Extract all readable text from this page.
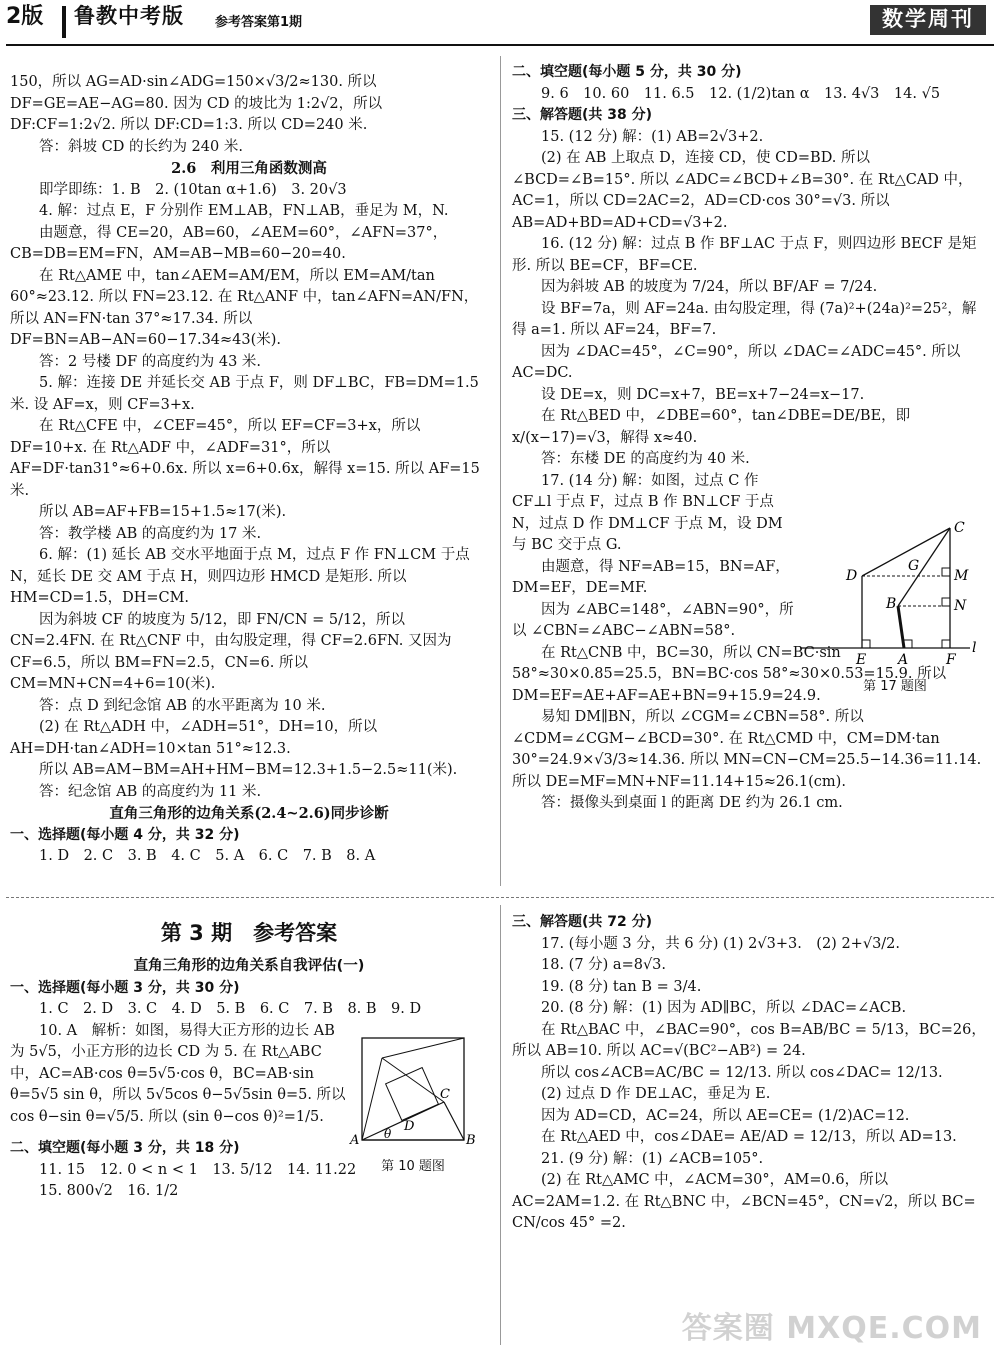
2版 鲁教中考版 参考答案第1期	数学周刊

150，所以 AG=AD·sin∠ADG=150×√3/2≈130. 所以 DF=GE=AE−AG=80. 因为 CD 的坡比为 1:2√2，所以 DF:CF=1:2√2. 所以 DF:CD=1:3. 所以 CD=240 米.

答：斜坡 CD 的长约为 240 米.

2.6　利用三角函数测高

即学即练：1. B　2. (10tan α+1.6)　3. 20√3

4. 解：过点 E，F 分别作 EM⊥AB，FN⊥AB，垂足为 M，N.

由题意，得 CE=20，AB=60，∠AEM=60°，∠AFN=37°，CB=DB=EM=FN，AM=AB−MB=60−20=40.

在 Rt△AME 中，tan∠AEM=AM/EM，所以 EM=AM/tan 60°≈23.12. 所以 FN=23.12. 在 Rt△ANF 中，tan∠AFN=AN/FN，所以 AN=FN·tan 37°≈17.34. 所以 DF=BN=AB−AN=60−17.34≈43(米).

答：2 号楼 DF 的高度约为 43 米.

5. 解：连接 DE 并延长交 AB 于点 F，则 DF⊥BC，FB=DM=1.5 米. 设 AF=x，则 CF=3+x.

在 Rt△CFE 中，∠CEF=45°，所以 EF=CF=3+x，所以 DF=10+x. 在 Rt△ADF 中，∠ADF=31°，所以 AF=DF·tan31°≈6+0.6x. 所以 x=6+0.6x，解得 x=15. 所以 AF=15 米.

所以 AB=AF+FB=15+1.5≈17(米).

答：教学楼 AB 的高度约为 17 米.

6. 解：(1) 延长 AB 交水平地面于点 M，过点 F 作 FN⊥CM 于点 N，延长 DE 交 AM 于点 H，则四边形 HMCD 是矩形. 所以 HM=CD=1.5，DH=CM.

因为斜坡 CF 的坡度为 5/12，即 FN/CN = 5/12，所以 CN=2.4FN. 在 Rt△CNF 中，由勾股定理，得 CF=2.6FN. 又因为 CF=6.5，所以 BM=FN=2.5，CN=6. 所以 CM=MN+CN=4+6=10(米).

答：点 D 到纪念馆 AB 的水平距离为 10 米.

(2) 在 Rt△ADH 中，∠ADH=51°，DH=10，所以 AH=DH·tan∠ADH=10×tan 51°≈12.3.

所以 AB=AM−BM=AH+HM−BM=12.3+1.5−2.5≈11(米).

答：纪念馆 AB 的高度约为 11 米.

直角三角形的边角关系(2.4~2.6)同步诊断

一、选择题(每小题 4 分，共 32 分)

1. D　2. C　3. B　4. C　5. A　6. C　7. B　8. A

二、填空题(每小题 5 分，共 30 分)

9. 6　10. 60　11. 6.5　12. (1/2)tan α　13. 4√3　14. √5

三、解答题(共 38 分)

15. (12 分) 解：(1) AB=2√3+2.

(2) 在 AB 上取点 D，连接 CD，使 CD=BD. 所以 ∠BCD=∠B=15°. 所以 ∠ADC=∠BCD+∠B=30°. 在 Rt△CAD 中，AC=1，所以 CD=2AC=2，AD=CD·cos 30°=√3. 所以 AB=AD+BD=AD+CD=√3+2.

16. (12 分) 解：过点 B 作 BF⊥AC 于点 F，则四边形 BECF 是矩形. 所以 BE=CF，BF=CE.

因为斜坡 AB 的坡度为 7/24，所以 BF/AF = 7/24.

设 BF=7a，则 AF=24a. 由勾股定理，得 (7a)²+(24a)²=25²，解得 a=1. 所以 AF=24，BF=7.

因为 ∠DAC=45°，∠C=90°，所以 ∠DAC=∠ADC=45°. 所以 AC=DC.

设 DE=x，则 DC=x+7，BE=x+7−24=x−17.

在 Rt△BED 中，∠DBE=60°，tan∠DBE=DE/BE，即 x/(x−17)=√3，解得 x≈40.

答：东楼 DE 的高度约为 40 米.

17. (14 分) 解：如图，过点 C 作 CF⊥l 于点 F，过点 B 作 BN⊥CF 于点 N，过点 D 作 DM⊥CF 于点 M，设 DM 与 BC 交于点 G.

由题意，得 NF=AB=15，BN=AF，DM=EF，DE=MF.

因为 ∠ABC=148°，∠ABN=90°，所以 ∠CBN=∠ABC−∠ABN=58°.

在 Rt△CNB 中，BC=30，所以 CN=BC·sin 58°≈30×0.85=25.5，BN=BC·cos 58°≈30×0.53=15.9. 所以 DM=EF=AE+AF=AE+BN=9+15.9=24.9.

易知 DM∥BN，所以 ∠CGM=∠CBN=58°. 所以 ∠CDM=∠CGM−∠BCD=30°. 在 Rt△CMD 中，CM=DM·tan 30°=24.9×√3/3≈14.36. 所以 MN=CN−CM=25.5−14.36=11.14. 所以 DE=MF=MN+NF=11.14+15≈26.1(cm).

答：摄像头到桌面 l 的距离 DE 约为 26.1 cm.

C
G
M
D
B	N
E A	F
l
第 17 题图
第 3 期　参考答案

直角三角形的边角关系自我评估(一)

一、选择题(每小题 3 分，共 30 分)

1. C　2. D　3. C　4. D　5. B　6. C　7. B　8. B　9. D

10. A　解析：如图，易得大正方形的边长 AB 为 5√5，小正方形的边长 CD 为 5. 在 Rt△ABC 中，AC=AB·cos θ=5√5·cos θ，BC=AB·sin θ=5√5 sin θ，所以 5√5cos θ−5√5sin θ=5. 所以 cos θ−sin θ=√5/5. 所以 (sin θ−cos θ)²=1/5.

二、填空题(每小题 3 分，共 18 分)

11. 15　12. 0 < n < 1　13. 5/12　14. 11.22

15. 800√2　16. 1/2

A	B
C
D
θ
第 10 题图

三、解答题(共 72 分)

17. (每小题 3 分，共 6 分) (1) 2√3+3.　(2) 2+√3/2.

18. (7 分) a=8√3.

19. (8 分) tan B = 3/4.

20. (8 分) 解：(1) 因为 AD∥BC，所以 ∠DAC=∠ACB.

在 Rt△BAC 中，∠BAC=90°，cos B=AB/BC = 5/13，BC=26，所以 AB=10. 所以 AC=√(BC²−AB²) = 24.

所以 cos∠ACB=AC/BC = 12/13. 所以 cos∠DAC= 12/13.

(2) 过点 D 作 DE⊥AC，垂足为 E.

因为 AD=CD，AC=24，所以 AE=CE= (1/2)AC=12.

在 Rt△AED 中，cos∠DAE= AE/AD = 12/13，所以 AD=13.

21. (9 分) 解：(1) ∠ACB=105°.

(2) 在 Rt△AMC 中，∠ACM=30°，AM=0.6，所以 AC=2AM=1.2. 在 Rt△BNC 中，∠BCN=45°，CN=√2，所以 BC= CN/cos 45° =2.

答案圈 MXQE.COM
